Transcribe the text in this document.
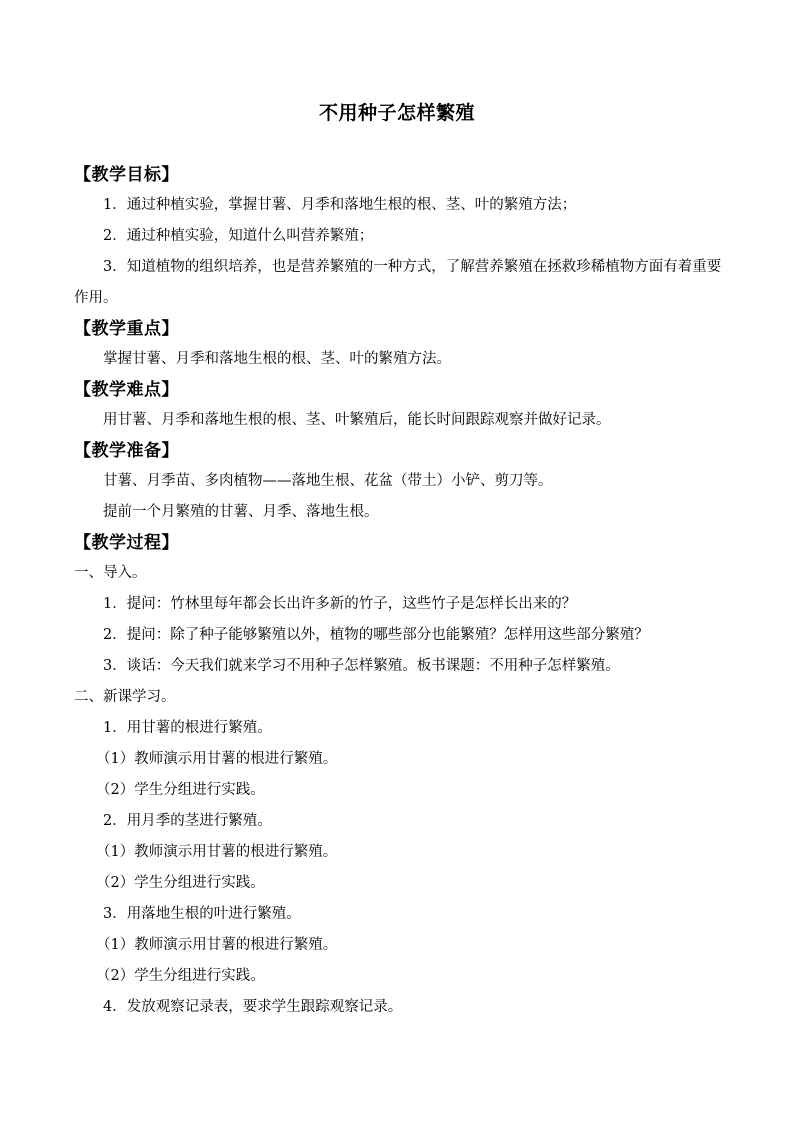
不用种子怎样繁殖
【教学目标】
1．通过种植实验，掌握甘薯、月季和落地生根的根、茎、叶的繁殖方法；
2．通过种植实验，知道什么叫营养繁殖；
3．知道植物的组织培养，也是营养繁殖的一种方式，了解营养繁殖在拯救珍稀植物方面有着重要作用。
【教学重点】
掌握甘薯、月季和落地生根的根、茎、叶的繁殖方法。
【教学难点】
用甘薯、月季和落地生根的根、茎、叶繁殖后，能长时间跟踪观察并做好记录。
【教学准备】
甘薯、月季苗、多肉植物——落地生根、花盆（带土）小铲、剪刀等。
提前一个月繁殖的甘薯、月季、落地生根。
【教学过程】
一、导入。
1．提问：竹林里每年都会长出许多新的竹子，这些竹子是怎样长出来的？
2．提问：除了种子能够繁殖以外，植物的哪些部分也能繁殖？怎样用这些部分繁殖？
3．谈话：今天我们就来学习不用种子怎样繁殖。板书课题：不用种子怎样繁殖。
二、新课学习。
1．用甘薯的根进行繁殖。
（1）教师演示用甘薯的根进行繁殖。
（2）学生分组进行实践。
2．用月季的茎进行繁殖。
（1）教师演示用甘薯的根进行繁殖。
（2）学生分组进行实践。
3．用落地生根的叶进行繁殖。
（1）教师演示用甘薯的根进行繁殖。
（2）学生分组进行实践。
4．发放观察记录表，要求学生跟踪观察记录。
